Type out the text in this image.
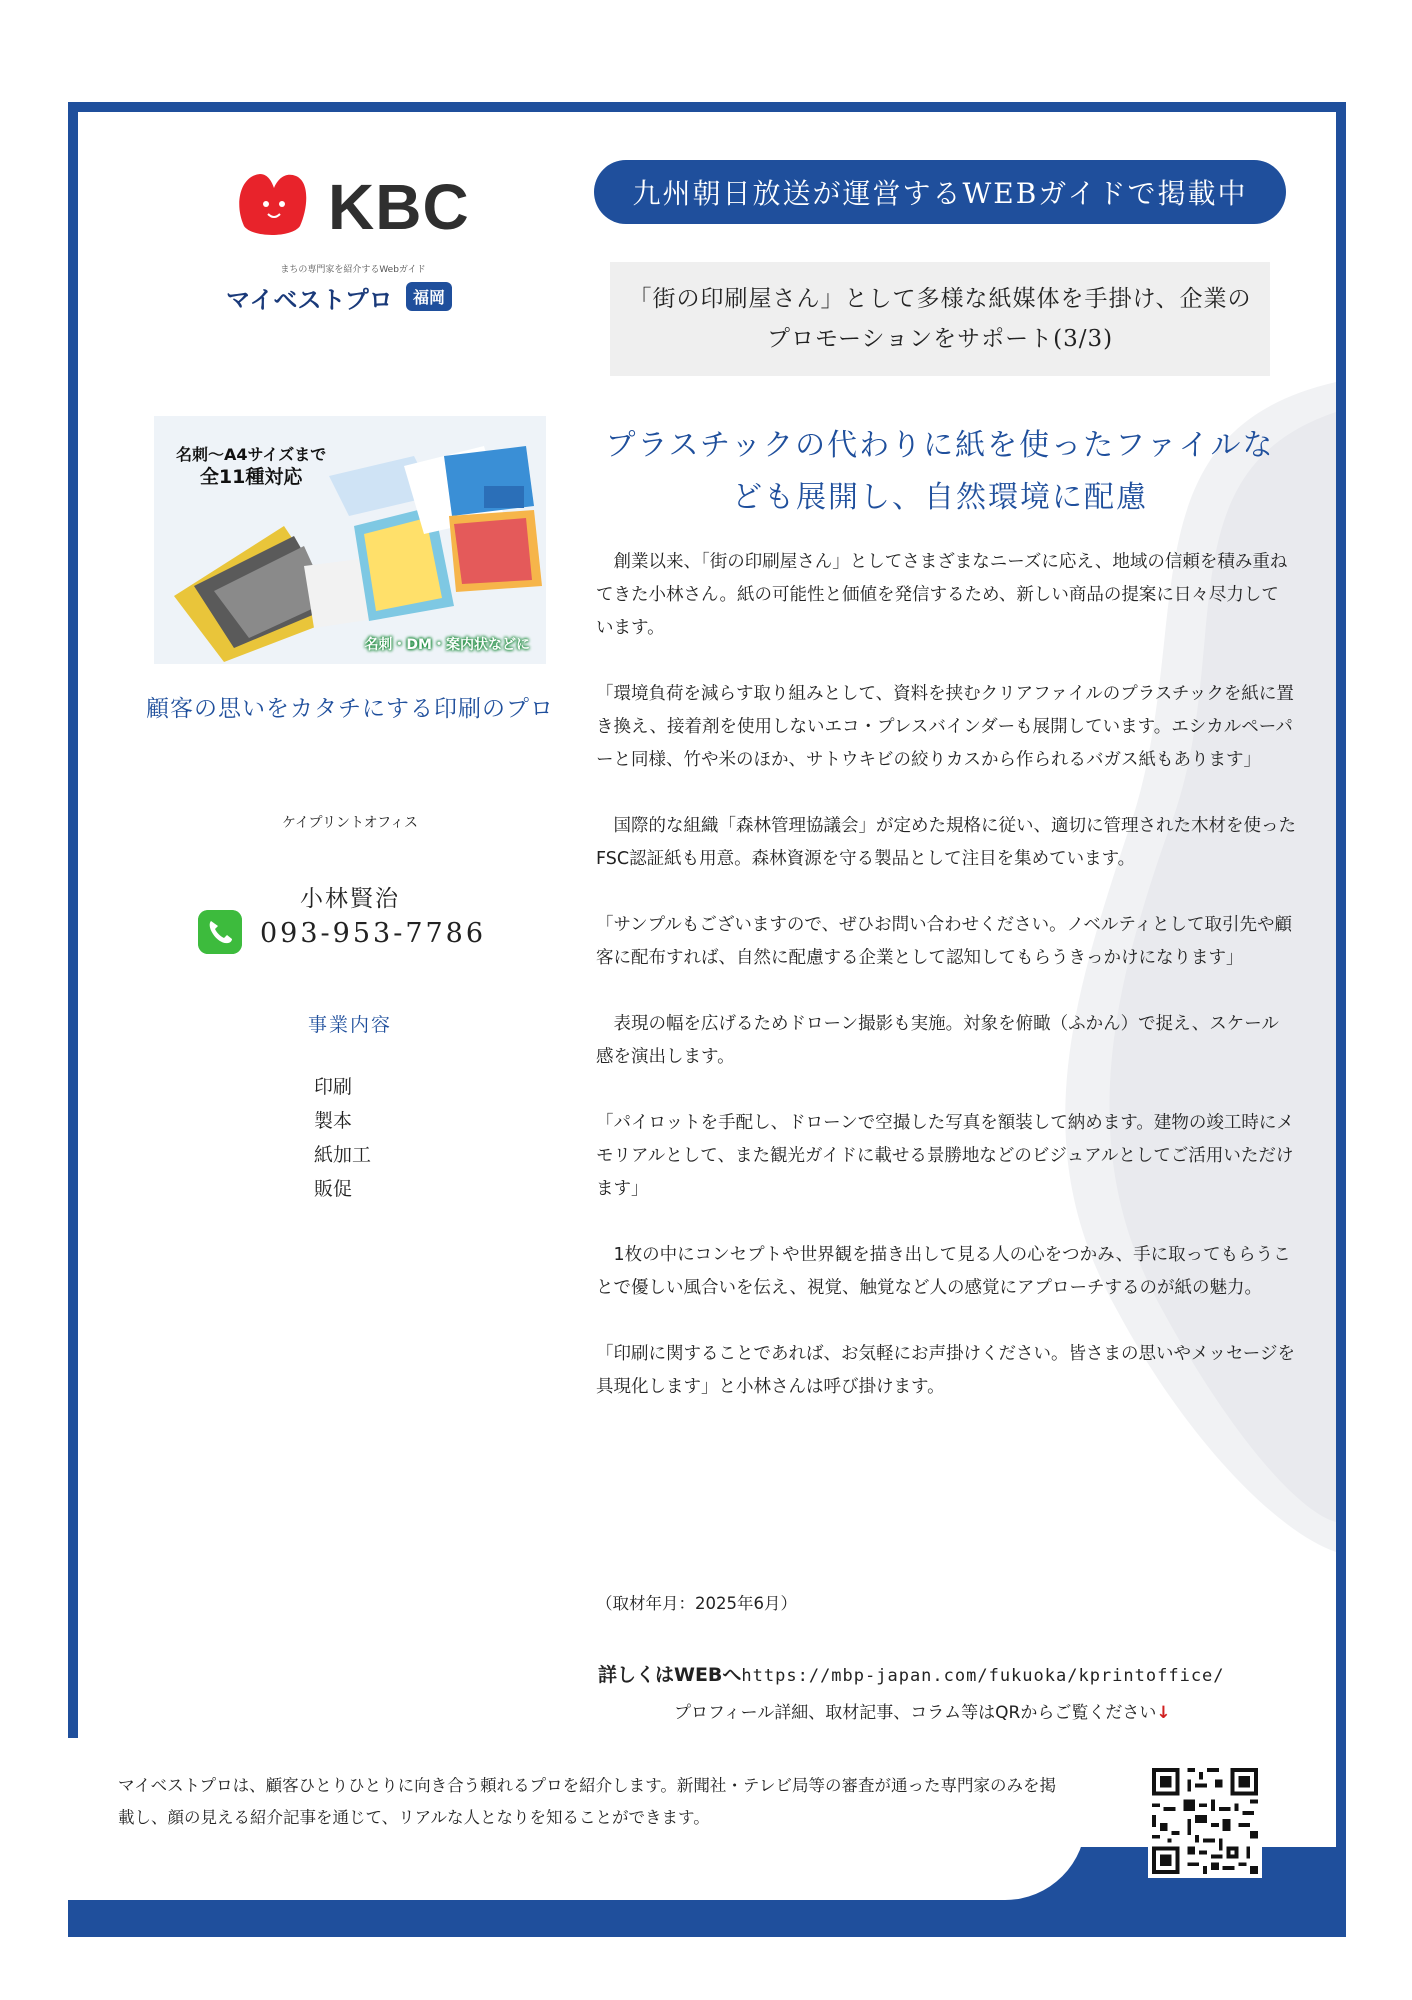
KBC
まちの専門家を紹介するWebガイド
マイベストプロ	福岡
九州朝日放送が運営するWEBガイドで掲載中
「街の印刷屋さん」として多様な紙媒体を手掛け、企業のプロモーションをサポート(3/3)
名刺～A4サイズまで
全11種対応
名刺・DM・案内状などに
顧客の思いをカタチにする印刷のプロ
ケイプリントオフィス
小林賢治
093-953-7786
事業内容
印刷
製本
紙加工
販促
プラスチックの代わりに紙を使ったファイルなども展開し、自然環境に配慮

　創業以来、「街の印刷屋さん」としてさまざまなニーズに応え、地域の信頼を積み重ねてきた小林さん。紙の可能性と価値を発信するため、新しい商品の提案に日々尽力しています。

「環境負荷を減らす取り組みとして、資料を挟むクリアファイルのプラスチックを紙に置き換え、接着剤を使用しないエコ・プレスバインダーも展開しています。エシカルペーパーと同様、竹や米のほか、サトウキビの絞りカスから作られるバガス紙もあります」

　国際的な組織「森林管理協議会」が定めた規格に従い、適切に管理された木材を使ったFSC認証紙も用意。森林資源を守る製品として注目を集めています。

「サンプルもございますので、ぜひお問い合わせください。ノベルティとして取引先や顧客に配布すれば、自然に配慮する企業として認知してもらうきっかけになります」

　表現の幅を広げるためドローン撮影も実施。対象を俯瞰（ふかん）で捉え、スケール感を演出します。

「パイロットを手配し、ドローンで空撮した写真を額装して納めます。建物の竣工時にメモリアルとして、また観光ガイドに載せる景勝地などのビジュアルとしてご活用いただけます」

　1枚の中にコンセプトや世界観を描き出して見る人の心をつかみ、手に取ってもらうことで優しい風合いを伝え、視覚、触覚など人の感覚にアプローチするのが紙の魅力。

「印刷に関することであれば、お気軽にお声掛けください。皆さまの思いやメッセージを具現化します」と小林さんは呼び掛けます。

（取材年月：2025年6月）
詳しくはWEBへhttps://mbp-japan.com/fukuoka/kprintoffice/
プロフィール詳細、取材記事、コラム等はQRからご覧ください↓
マイベストプロは、顧客ひとりひとりに向き合う頼れるプロを紹介します。新聞社・テレビ局等の審査が通った専門家のみを掲載し、顔の見える紹介記事を通じて、リアルな人となりを知ることができます。
